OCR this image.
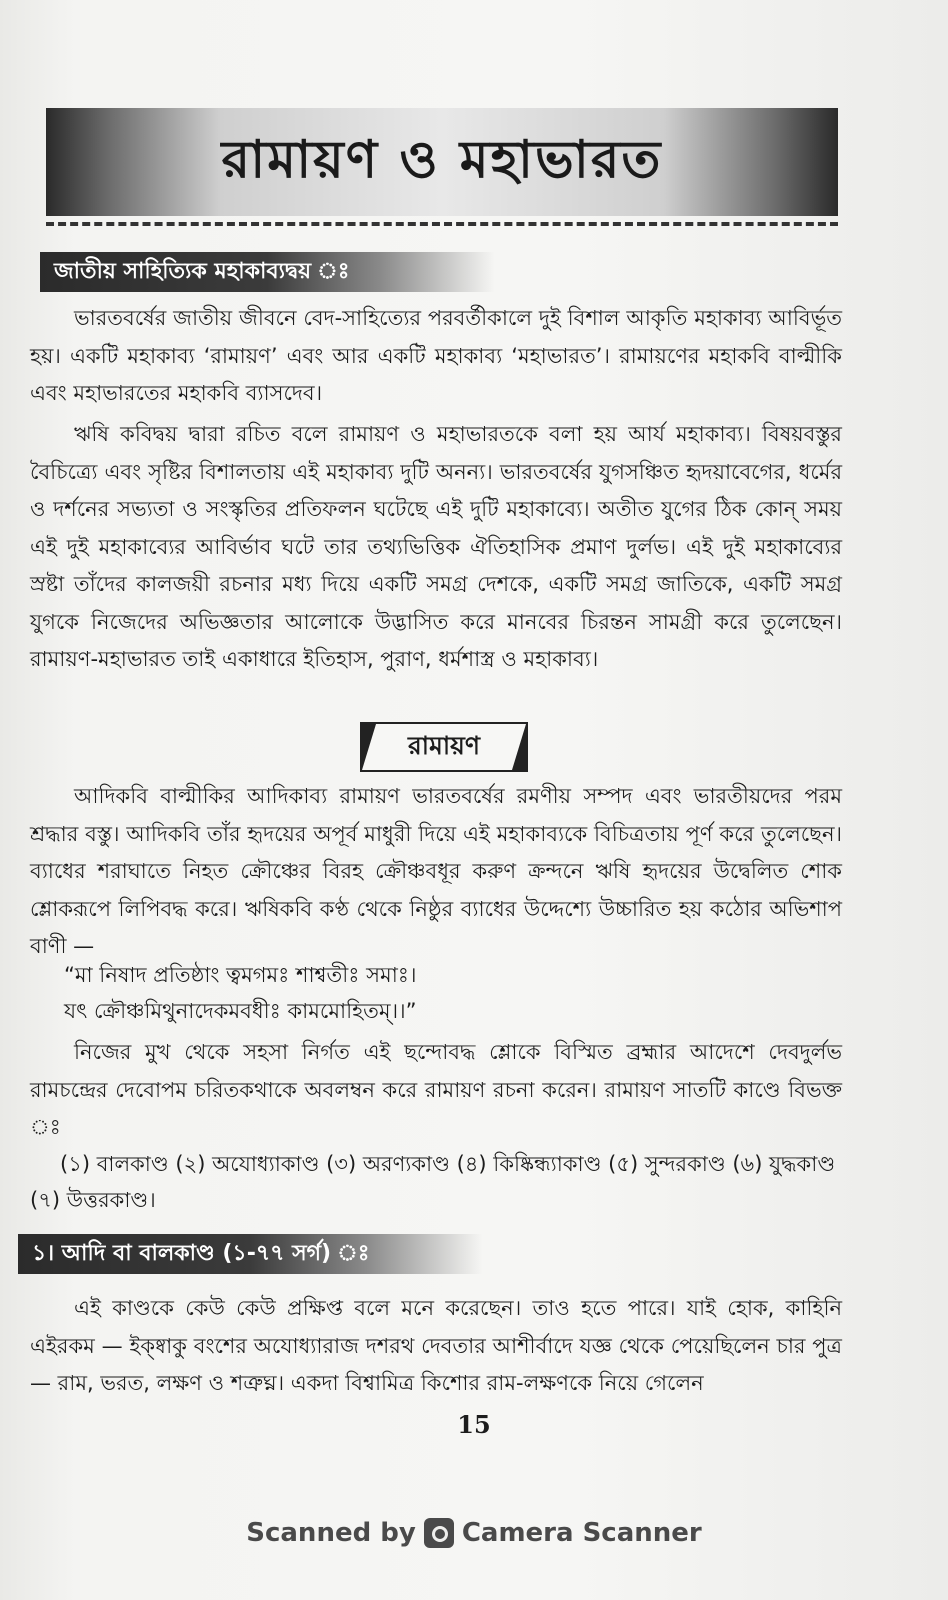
রামায়ণ ও মহাভারত
জাতীয় সাহিত্যিক মহাকাব্যদ্বয় ঃ

ভারতবর্ষের জাতীয় জীবনে বেদ-সাহিত্যের পরবর্তীকালে দুই বিশাল আকৃতি মহাকাব্য আবির্ভূত হয়। একটি মহাকাব্য ‘রামায়ণ’ এবং আর একটি মহাকাব্য ‘মহাভারত’। রামায়ণের মহাকবি বাল্মীকি এবং মহাভারতের মহাকবি ব্যাসদেব।

ঋষি কবিদ্বয় দ্বারা রচিত বলে রামায়ণ ও মহাভারতকে বলা হয় আর্য মহাকাব্য। বিষয়বস্তুর বৈচিত্র্যে এবং সৃষ্টির বিশালতায় এই মহাকাব্য দুটি অনন্য। ভারতবর্ষের যুগসঞ্চিত হৃদয়াবেগের, ধর্মের ও দর্শনের সভ্যতা ও সংস্কৃতির প্রতিফলন ঘটেছে এই দুটি মহাকাব্যে। অতীত যুগের ঠিক কোন্ সময় এই দুই মহাকাব্যের আবির্ভাব ঘটে তার তথ্যভিত্তিক ঐতিহাসিক প্রমাণ দুর্লভ। এই দুই মহাকাব্যের স্রষ্টা তাঁদের কালজয়ী রচনার মধ্য দিয়ে একটি সমগ্র দেশকে, একটি সমগ্র জাতিকে, একটি সমগ্র যুগকে নিজেদের অভিজ্ঞতার আলোকে উদ্ভাসিত করে মানবের চিরন্তন সামগ্রী করে তুলেছেন। রামায়ণ-মহাভারত তাই একাধারে ইতিহাস, পুরাণ, ধর্মশাস্ত্র ও মহাকাব্য।

রামায়ণ

আদিকবি বাল্মীকির আদিকাব্য রামায়ণ ভারতবর্ষের রমণীয় সম্পদ এবং ভারতীয়দের পরম শ্রদ্ধার বস্তু। আদিকবি তাঁর হৃদয়ের অপূর্ব মাধুরী দিয়ে এই মহাকাব্যকে বিচিত্রতায় পূর্ণ করে তুলেছেন। ব্যাধের শরাঘাতে নিহত ক্রৌঞ্চের বিরহ ক্রৌঞ্চবধূর করুণ ক্রন্দনে ঋষি হৃদয়ের উদ্বেলিত শোক শ্লোকরূপে লিপিবদ্ধ করে। ঋষিকবি কণ্ঠ থেকে নিষ্ঠুর ব্যাধের উদ্দেশ্যে উচ্চারিত হয় কঠোর অভিশাপ বাণী —

“মা নিষাদ প্রতিষ্ঠাং ত্বমগমঃ শাশ্বতীঃ সমাঃ।

যৎ ক্রৌঞ্চমিথুনাদেকমবধীঃ কামমোহিতম্।।”

নিজের মুখ থেকে সহসা নির্গত এই ছন্দোবদ্ধ শ্লোকে বিস্মিত ব্রহ্মার আদেশে দেবদুর্লভ রামচন্দ্রের দেবোপম চরিতকথাকে অবলম্বন করে রামায়ণ রচনা করেন। রামায়ণ সাতটি কাণ্ডে বিভক্ত ঃ

(১) বালকাণ্ড (২) অযোধ্যাকাণ্ড (৩) অরণ্যকাণ্ড (৪) কিষ্কিন্ধ্যাকাণ্ড (৫) সুন্দরকাণ্ড (৬) যুদ্ধকাণ্ড (৭) উত্তরকাণ্ড।

১। আদি বা বালকাণ্ড (১-৭৭ সর্গ) ঃ

এই কাণ্ডকে কেউ কেউ প্রক্ষিপ্ত বলে মনে করেছেন। তাও হতে পারে। যাই হোক, কাহিনি এইরকম — ইক্ষ্বাকু বংশের অযোধ্যারাজ দশরথ দেবতার আশীর্বাদে যজ্ঞ থেকে পেয়েছিলেন চার পুত্র — রাম, ভরত, লক্ষণ ও শত্রুঘ্ন। একদা বিশ্বামিত্র কিশোর রাম-লক্ষণকে নিয়ে গেলেন

15
Scanned by Camera Scanner
